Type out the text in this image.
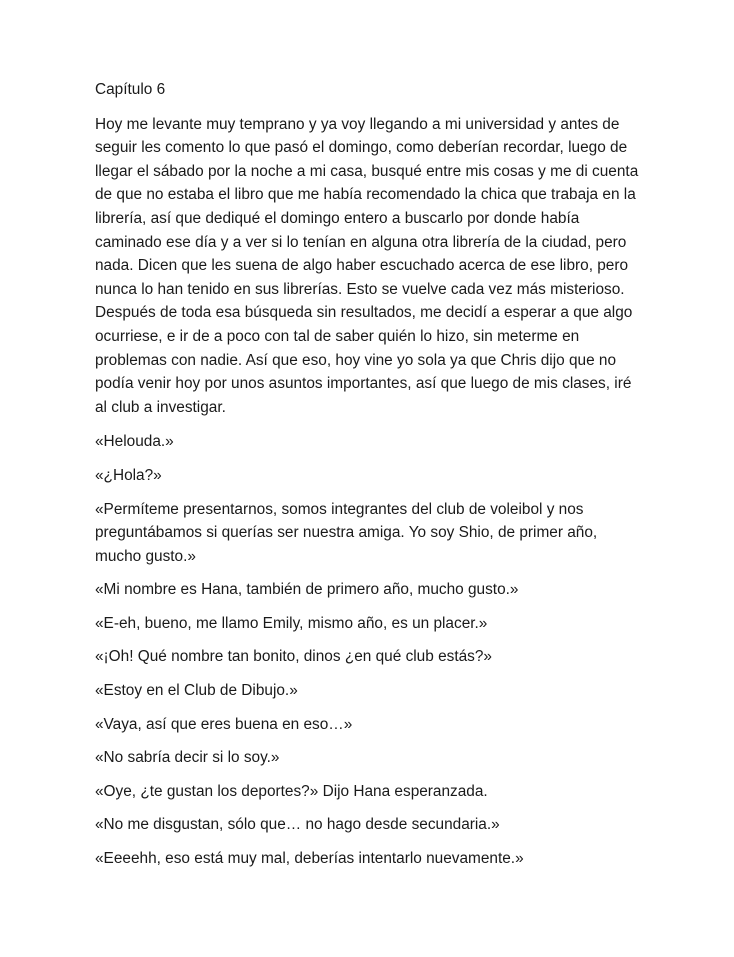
Capítulo 6

Hoy me levante muy temprano y ya voy llegando a mi universidad y antes de seguir les comento lo que pasó el domingo, como deberían recordar, luego de llegar el sábado por la noche a mi casa, busqué entre mis cosas y me di cuenta de que no estaba el libro que me había recomendado la chica que trabaja en la librería, así que dediqué el domingo entero a buscarlo por donde había caminado ese día y a ver si lo tenían en alguna otra librería de la ciudad, pero nada. Dicen que les suena de algo haber escuchado acerca de ese libro, pero nunca lo han tenido en sus librerías. Esto se vuelve cada vez más misterioso. Después de toda esa búsqueda sin resultados, me decidí a esperar a que algo ocurriese, e ir de a poco con tal de saber quién lo hizo, sin meterme en problemas con nadie. Así que eso, hoy vine yo sola ya que Chris dijo que no podía venir hoy por unos asuntos importantes, así que luego de mis clases, iré al club a investigar.

«Helouda.»

«¿Hola?»

«Permíteme presentarnos, somos integrantes del club de voleibol y nos preguntábamos si querías ser nuestra amiga. Yo soy Shio, de primer año, mucho gusto.»

«Mi nombre es Hana, también de primero año, mucho gusto.»

«E-eh, bueno, me llamo Emily, mismo año, es un placer.»

«¡Oh! Qué nombre tan bonito, dinos ¿en qué club estás?»

«Estoy en el Club de Dibujo.»

«Vaya, así que eres buena en eso…»

«No sabría decir si lo soy.»

«Oye, ¿te gustan los deportes?» Dijo Hana esperanzada.

«No me disgustan, sólo que… no hago desde secundaria.»

«Eeeehh, eso está muy mal, deberías intentarlo nuevamente.»
